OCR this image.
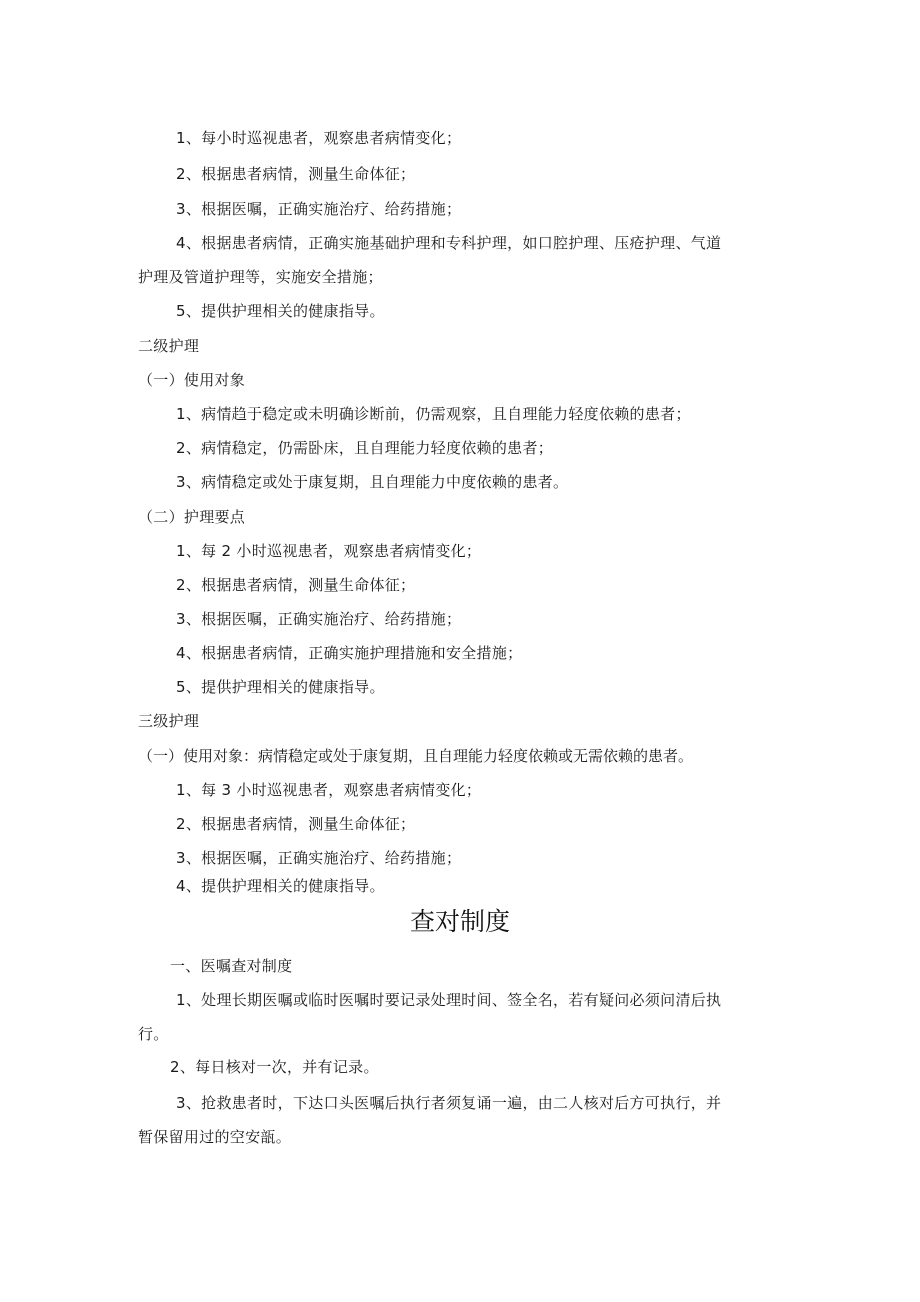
1、每小时巡视患者，观察患者病情变化；
2、根据患者病情，测量生命体征；
3、根据医嘱，正确实施治疗、给药措施；
4、根据患者病情，正确实施基础护理和专科护理，如口腔护理、压疮护理、气道
护理及管道护理等，实施安全措施；
5、提供护理相关的健康指导。
二级护理
（一）使用对象
1、病情趋于稳定或未明确诊断前，仍需观察，且自理能力轻度依赖的患者；
2、病情稳定，仍需卧床，且自理能力轻度依赖的患者；
3、病情稳定或处于康复期，且自理能力中度依赖的患者。
（二）护理要点
1、每 2 小时巡视患者，观察患者病情变化；
2、根据患者病情，测量生命体征；
3、根据医嘱，正确实施治疗、给药措施；
4、根据患者病情，正确实施护理措施和安全措施；
5、提供护理相关的健康指导。
三级护理
（一）使用对象：病情稳定或处于康复期，且自理能力轻度依赖或无需依赖的患者。
1、每 3 小时巡视患者，观察患者病情变化；
2、根据患者病情，测量生命体征；
3、根据医嘱，正确实施治疗、给药措施；
4、提供护理相关的健康指导。
查对制度
一、医嘱查对制度
1、处理长期医嘱或临时医嘱时要记录处理时间、签全名，若有疑问必须问清后执
行。
2、每日核对一次，并有记录。
3、抢救患者时，下达口头医嘱后执行者须复诵一遍，由二人核对后方可执行，并
暂保留用过的空安瓿。
